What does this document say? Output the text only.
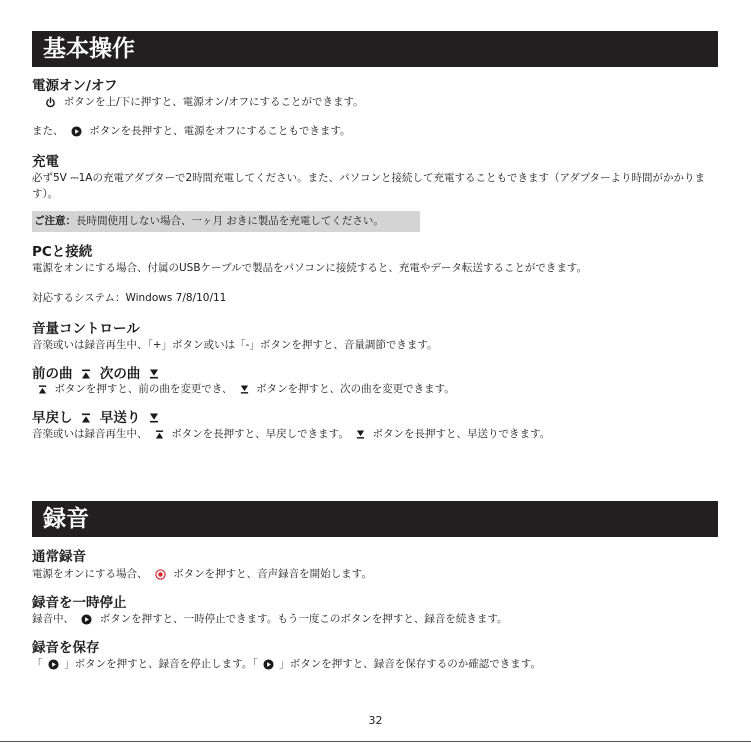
基本操作
電源オン/オフ
ボタンを上/下に押すと、電源オン/オフにすることができます。
また、 ボタンを長押すと、電源をオフにすることもできます。
充電
必ず5V ⎓1Aの充電アダプターで2時間充電してください。また、パソコンと接続して充電することもできます（アダプターより時間がかかります）。
ご注意：長時間使用しない場合、一ヶ月 おきに製品を充電してください。
PCと接続
電源をオンにする場合、付属のUSBケーブルで製品をパソコンに接続すると、充電やデータ転送することができます。
対応するシステム：Windows 7/8/10/11
音量コントロール
音楽或いは録音再生中、「+」ボタン或いは「-」ボタンを押すと、音量調節できます。
前の曲 次の曲
ボタンを押すと、前の曲を変更でき、 ボタンを押すと、次の曲を変更できます。
早戻し 早送り
音楽或いは録音再生中、 ボタンを長押すと、早戻しできます。 ボタンを長押すと、早送りできます。
録音
通常録音
電源をオンにする場合、 ボタンを押すと、音声録音を開始します。
録音を一時停止
録音中、 ボタンを押すと、一時停止できます。もう一度このボタンを押すと、録音を続きます。
録音を保存
「 」ボタンを押すと、録音を停止します。「 」ボタンを押すと、録音を保存するのか確認できます。
32
